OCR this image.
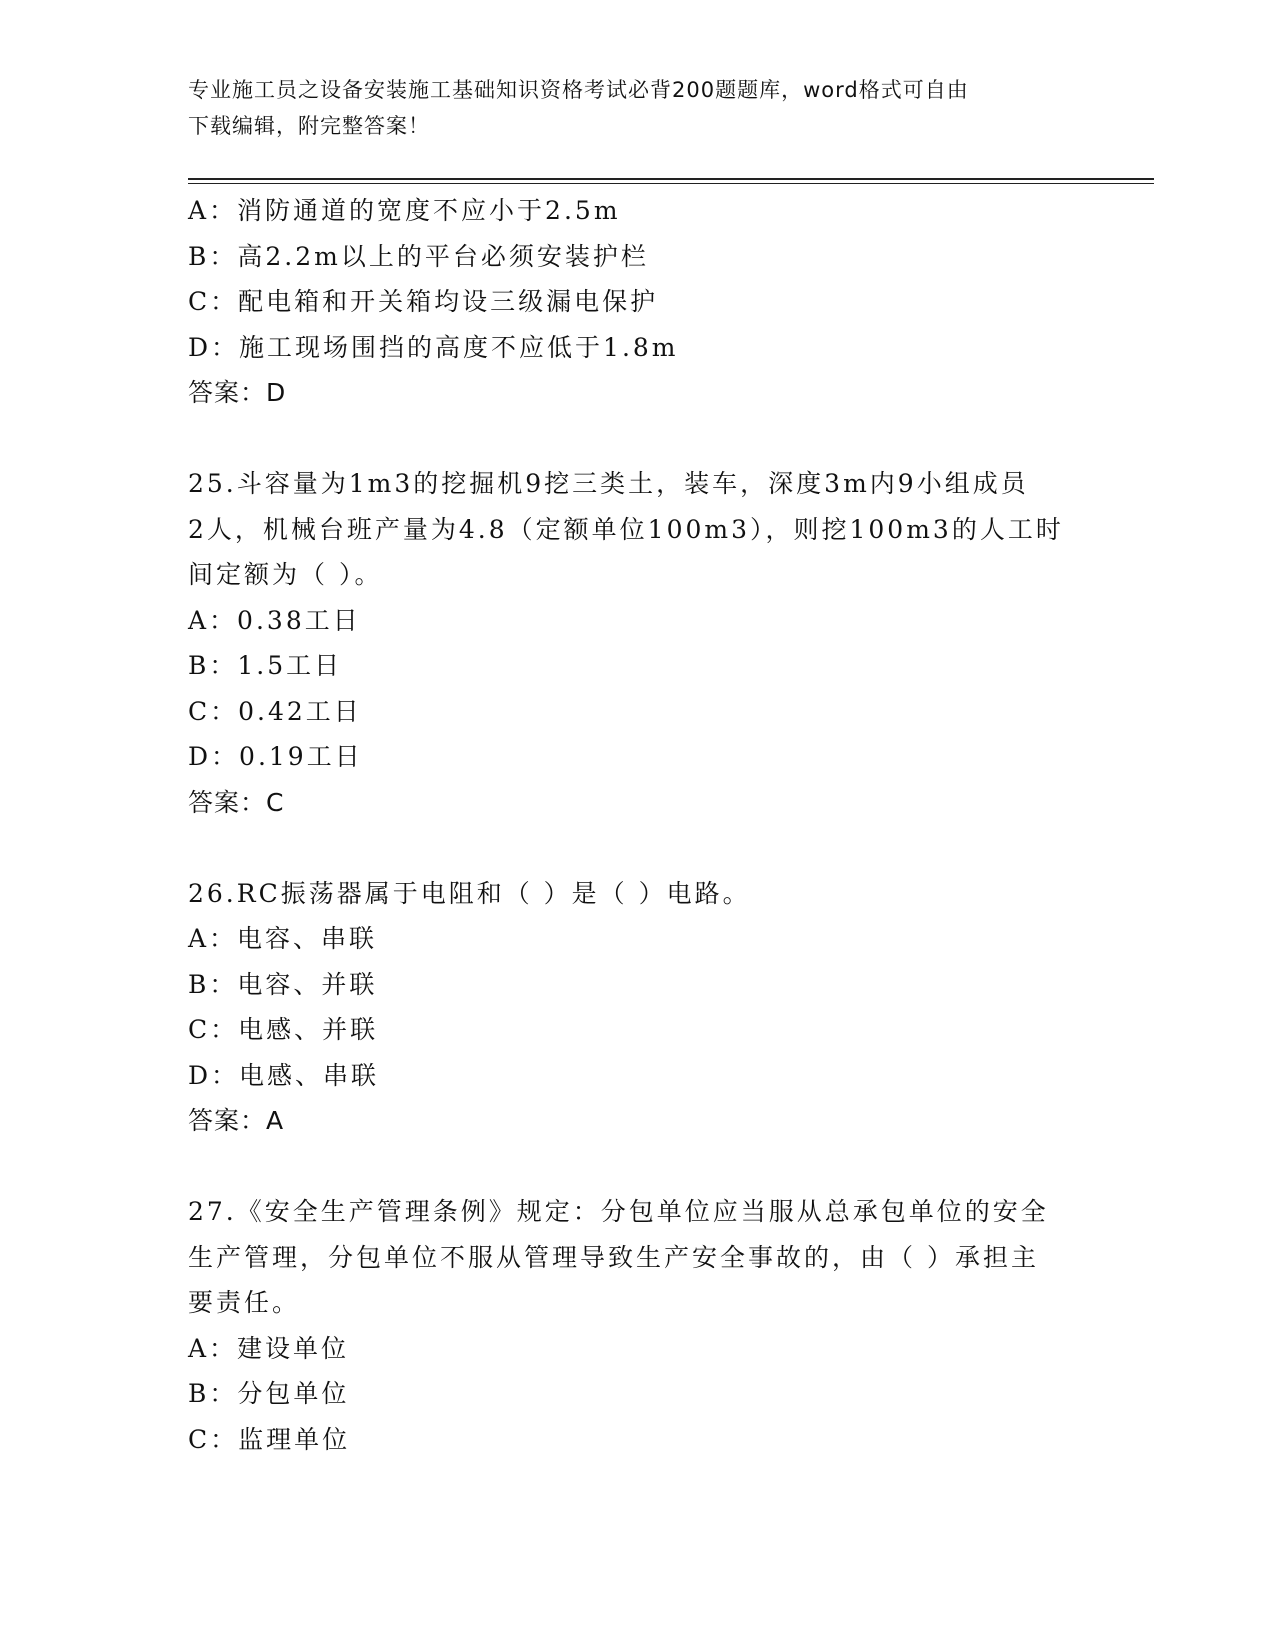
专业施工员之设备安装施工基础知识资格考试必背200题题库，word格式可自由
下载编辑，附完整答案！
A：消防通道的宽度不应小于2.5m
B：高2.2m以上的平台必须安装护栏
C：配电箱和开关箱均设三级漏电保护
D：施工现场围挡的高度不应低于1.8m
答案：D
25.斗容量为1m3的挖掘机9挖三类土，装车，深度3m内9小组成员
2人，机械台班产量为4.8（定额单位100m3），则挖100m3的人工时
间定额为（ ）。
A：0.38工日
B：1.5工日
C：0.42工日
D：0.19工日
答案：C
26.RC振荡器属于电阻和（ ）是（ ）电路。
A：电容、串联
B：电容、并联
C：电感、并联
D：电感、串联
答案：A
27.《安全生产管理条例》规定：分包单位应当服从总承包单位的安全
生产管理，分包单位不服从管理导致生产安全事故的，由（ ）承担主
要责任。
A：建设单位
B：分包单位
C：监理单位
